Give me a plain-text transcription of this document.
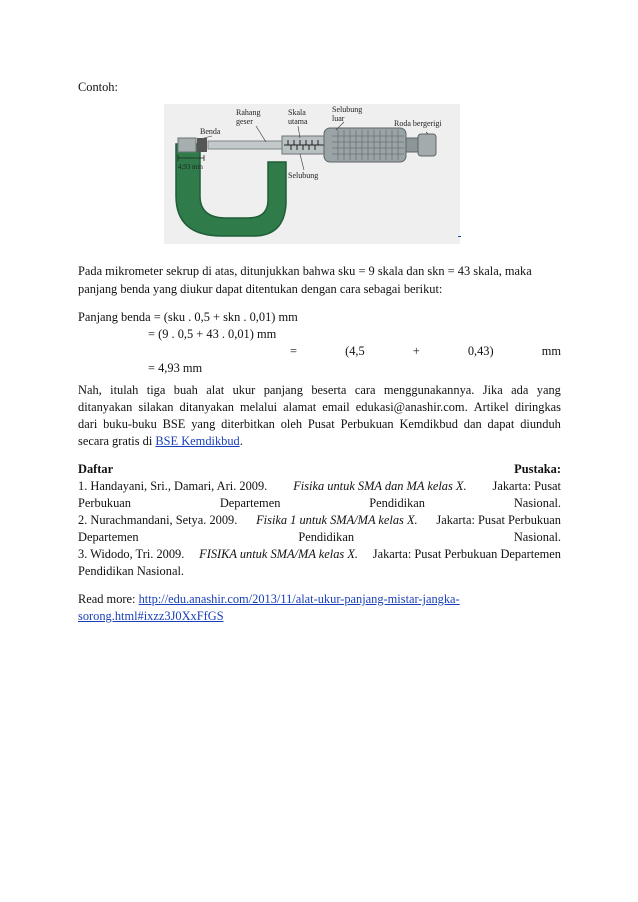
Contoh:
4,93 mm
Benda
Rahang
geser
Skala
utama
Selubung
luar
Roda bergerigi
Selubung
Pada mikrometer sekrup di atas, ditunjukkan bahwa sku = 9 skala dan skn = 43 skala, maka
panjang benda yang diukur dapat ditentukan dengan cara sebagai berikut:
Panjang benda = (sku . 0,5 + skn . 0,01) mm
= (9 . 0,5 + 43 . 0,01) mm
=	(4,5	+	0,43)	mm
= 4,93 mm
Nah, itulah tiga buah alat ukur panjang beserta cara menggunakannya. Jika ada yang
ditanyakan silakan ditanyakan melalui alamat email edukasi@anashir.com. Artikel diringkas
dari buku-buku BSE yang diterbitkan oleh Pusat Perbukuan Kemdikbud dan dapat diunduh
secara gratis di BSE Kemdikbud.
Daftar	Pustaka:
1. Handayani, Sri., Damari, Ari. 2009. Fisika untuk SMA dan MA kelas X. Jakarta: Pusat
Perbukuan	Departemen	Pendidikan	Nasional.
2. Nurachmandani, Setya. 2009. Fisika 1 untuk SMA/MA kelas X. Jakarta: Pusat Perbukuan
Departemen	Pendidikan	Nasional.
3. Widodo, Tri. 2009. FISIKA untuk SMA/MA kelas X. Jakarta: Pusat Perbukuan Departemen
Pendidikan Nasional.
Read more: http://edu.anashir.com/2013/11/alat-ukur-panjang-mistar-jangka-
sorong.html#ixzz3J0XxFfGS
